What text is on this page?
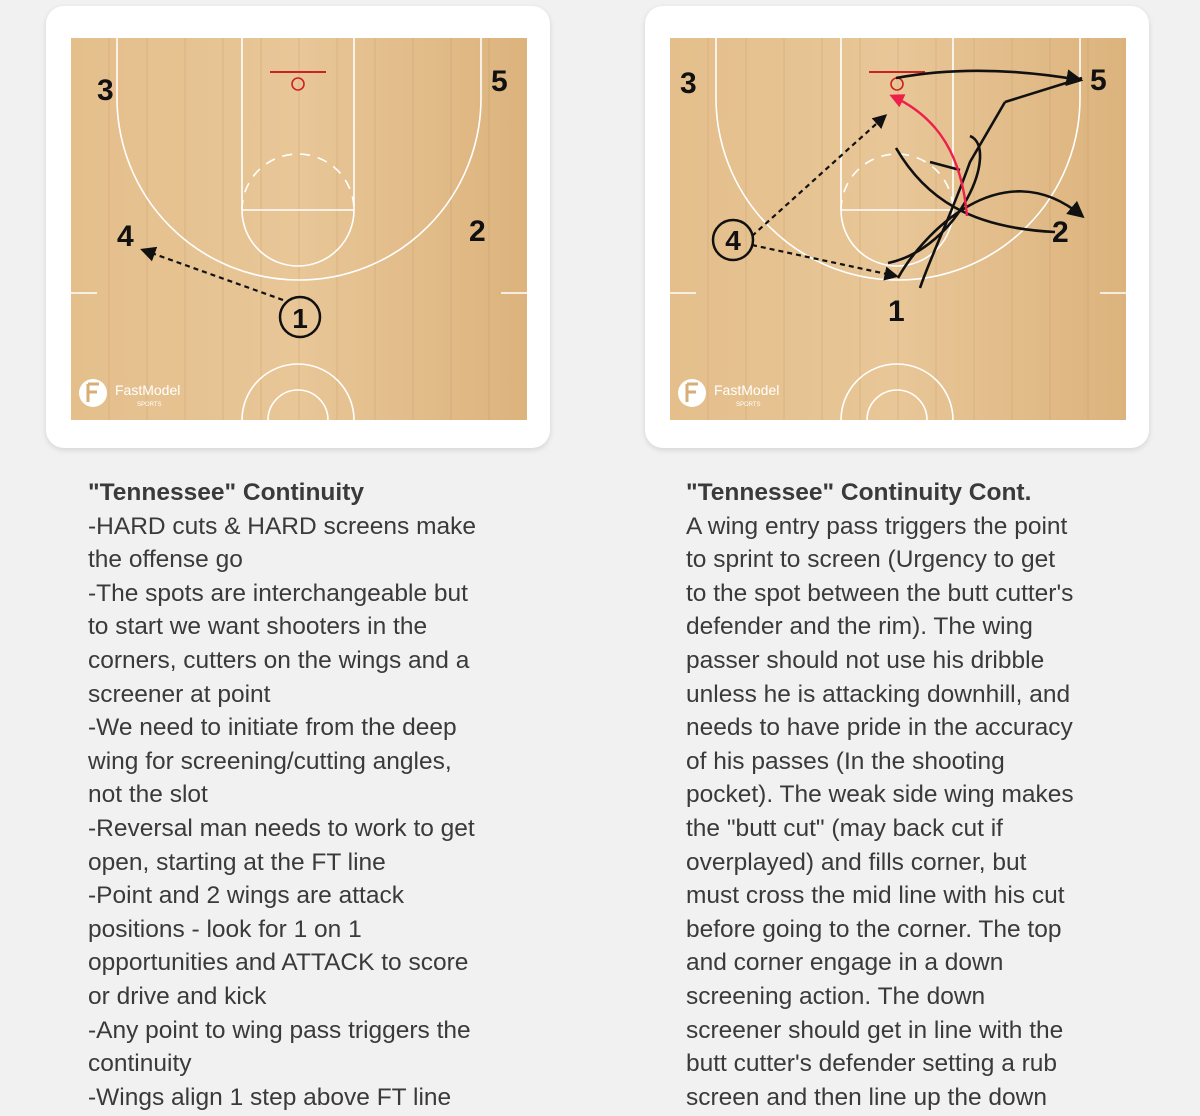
3	5
4	2
1
FastModel
SPORTS
3	5
4	2
1
FastModel
SPORTS
"Tennessee" Continuity
-HARD cuts & HARD screens make
the offense go
-The spots are interchangeable but
to start we want shooters in the
corners, cutters on the wings and a
screener at point
-We need to initiate from the deep
wing for screening/cutting angles,
not the slot
-Reversal man needs to work to get
open, starting at the FT line
-Point and 2 wings are attack
positions - look for 1 on 1
opportunities and ATTACK to score
or drive and kick
-Any point to wing pass triggers the
continuity
-Wings align 1 step above FT line
"Tennessee" Continuity Cont.
A wing entry pass triggers the point
to sprint to screen (Urgency to get
to the spot between the butt cutter's
defender and the rim). The wing
passer should not use his dribble
unless he is attacking downhill, and
needs to have pride in the accuracy
of his passes (In the shooting
pocket). The weak side wing makes
the "butt cut" (may back cut if
overplayed) and fills corner, but
must cross the mid line with his cut
before going to the corner. The top
and corner engage in a down
screening action. The down
screener should get in line with the
butt cutter's defender setting a rub
screen and then line up the down
